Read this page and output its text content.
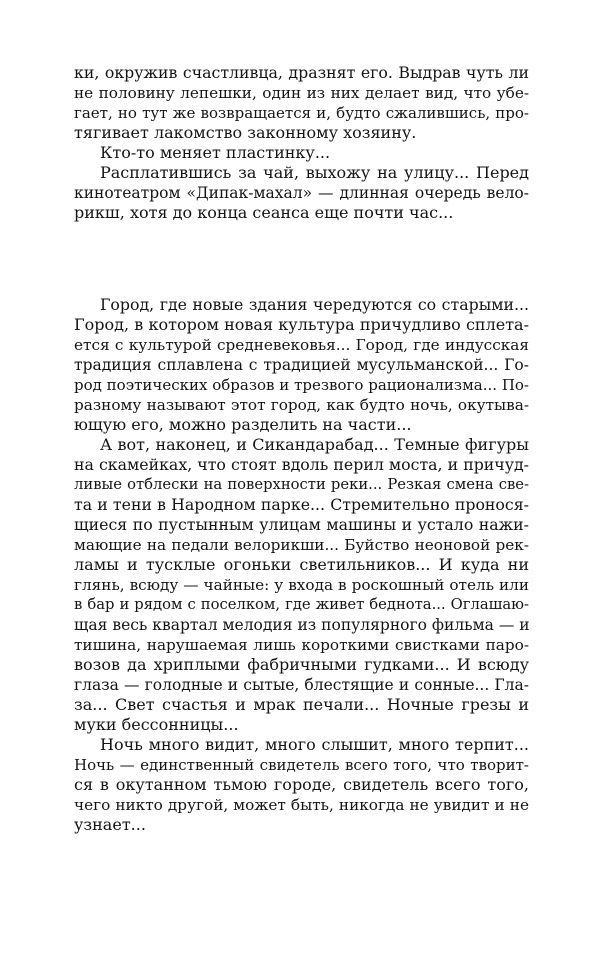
ки, окружив счастливца, дразнят его. Выдрав чуть ли
не половину лепешки, один из них делает вид, что убе-
гает, но тут же возвращается и, будто сжалившись, про-
тягивает лакомство законному хозяину.
Кто-то меняет пластинку...
Расплатившись за чай, выхожу на улицу... Перед
кинотеатром «Дипак-махал» — длинная очередь вело-
рикш, хотя до конца сеанса еще почти час...
Город, где новые здания чередуются со старыми...
Город, в котором новая культура причудливо сплета-
ется с культурой средневековья... Город, где индусская
традиция сплавлена с традицией мусульманской... Го-
род поэтических образов и трезвого рационализма... По-
разному называют этот город, как будто ночь, окутыва-
ющую его, можно разделить на части...
А вот, наконец, и Сикандарабад... Темные фигуры
на скамейках, что стоят вдоль перил моста, и причуд-
ливые отблески на поверхности реки... Резкая смена све-
та и тени в Народном парке... Стремительно пронося-
щиеся по пустынным улицам машины и устало нажи-
мающие на педали велорикши... Буйство неоновой рек-
ламы и тусклые огоньки светильников... И куда ни
глянь, всюду — чайные: у входа в роскошный отель или
в бар и рядом с поселком, где живет беднота... Оглашаю-
щая весь квартал мелодия из популярного фильма — и
тишина, нарушаемая лишь короткими свистками паро-
возов да хриплыми фабричными гудками... И всюду
глаза — голодные и сытые, блестящие и сонные... Гла-
за... Свет счастья и мрак печали... Ночные грезы и
муки бессонницы...
Ночь много видит, много слышит, много терпит...
Ночь — единственный свидетель всего того, что творит-
ся в окутанном тьмою городе, свидетель всего того,
чего никто другой, может быть, никогда не увидит и не
узнает...
